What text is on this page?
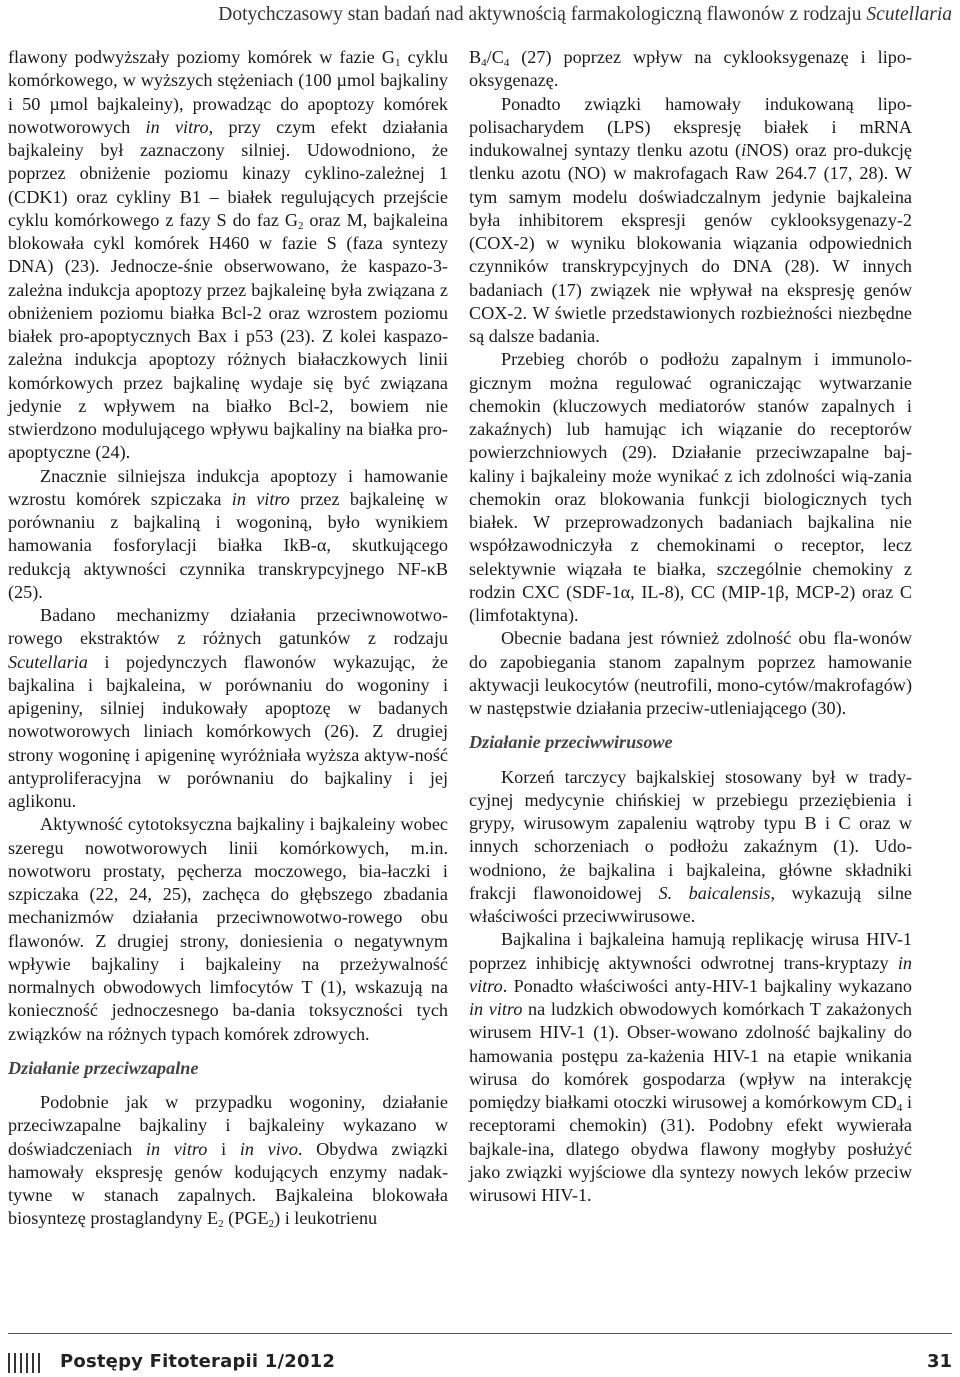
Dotychczasowy stan badań nad aktywnością farmakologiczną flawonów z rodzaju Scutellaria

flawony podwyższały poziomy komórek w fazie $G_1$ cyklu komórkowego, w wyższych stężeniach (100 µmol bajkaliny i 50 µmol bajkaleiny), prowadząc do apoptozy komórek nowotworowych in vitro, przy czym efekt działania bajkaleiny był zaznaczony silniej. Udowodniono, że poprzez obniżenie poziomu kinazy cyklino-zależnej 1 (CDK1) oraz cykliny B1 – białek regulujących przejście cyklu komórkowego z fazy S do faz $G_2$ oraz M, bajkaleina blokowała cykl komórek H460 w fazie S (faza syntezy DNA) (23). Jednocze-śnie obserwowano, że kaspazo-3-zależna indukcja apoptozy przez bajkaleinę była związana z obniżeniem poziomu białka Bcl-2 oraz wzrostem poziomu białek pro-apoptycznych Bax i p53 (23). Z kolei kaspazo-zależna indukcja apoptozy różnych białaczkowych linii komórkowych przez bajkalinę wydaje się być związana jedynie z wpływem na białko Bcl-2, bowiem nie stwierdzono modulującego wpływu bajkaliny na białka pro-apoptyczne (24).

Znacznie silniejsza indukcja apoptozy i hamowanie wzrostu komórek szpiczaka in vitro przez bajkaleinę w porównaniu z bajkaliną i wogoniną, było wynikiem hamowania fosforylacji białka IkB-α, skutkującego redukcją aktywności czynnika transkrypcyjnego NF-κB (25).

Badano mechanizmy działania przeciwnowotwo-rowego ekstraktów z różnych gatunków z rodzaju Scutellaria i pojedynczych flawonów wykazując, że bajkalina i bajkaleina, w porównaniu do wogoniny i apigeniny, silniej indukowały apoptozę w badanych nowotworowych liniach komórkowych (26). Z drugiej strony wogoninę i apigeninę wyróżniała wyższa aktyw-ność antyproliferacyjna w porównaniu do bajkaliny i jej aglikonu.

Aktywność cytotoksyczna bajkaliny i bajkaleiny wobec szeregu nowotworowych linii komórkowych, m.in. nowotworu prostaty, pęcherza moczowego, bia-łaczki i szpiczaka (22, 24, 25), zachęca do głębszego zbadania mechanizmów działania przeciwnowotwo-rowego obu flawonów. Z drugiej strony, doniesienia o negatywnym wpływie bajkaliny i bajkaleiny na przeżywalność normalnych obwodowych limfocytów T (1), wskazują na konieczność jednoczesnego ba-dania toksyczności tych związków na różnych typach komórek zdrowych.

Działanie przeciwzapalne

Podobnie jak w przypadku wogoniny, działanie przeciwzapalne bajkaliny i bajkaleiny wykazano w doświadczeniach in vitro i in vivo. Obydwa związki hamowały ekspresję genów kodujących enzymy nadak-tywne w stanach zapalnych. Bajkaleina blokowała biosyntezę prostaglandyny $E_2$ $(PGE_2)$ i leukotrienu

$B_4/C_4$ (27) poprzez wpływ na cyklooksygenazę i lipo-oksygenazę.

Ponadto związki hamowały indukowaną lipo-polisacharydem (LPS) ekspresję białek i mRNA indukowalnej syntazy tlenku azotu (iNOS) oraz pro-dukcję tlenku azotu (NO) w makrofagach Raw 264.7 (17, 28). W tym samym modelu doświadczalnym jedynie bajkaleina była inhibitorem ekspresji genów cyklooksygenazy-2 (COX-2) w wyniku blokowania wiązania odpowiednich czynników transkrypcyjnych do DNA (28). W innych badaniach (17) związek nie wpływał na ekspresję genów COX-2. W świetle przedstawionych rozbieżności niezbędne są dalsze badania.

Przebieg chorób o podłożu zapalnym i immunolo-gicznym można regulować ograniczając wytwarzanie chemokin (kluczowych mediatorów stanów zapalnych i zakaźnych) lub hamując ich wiązanie do receptorów powierzchniowych (29). Działanie przeciwzapalne baj-kaliny i bajkaleiny może wynikać z ich zdolności wią-zania chemokin oraz blokowania funkcji biologicznych tych białek. W przeprowadzonych badaniach bajkalina nie współzawodniczyła z chemokinami o receptor, lecz selektywnie wiązała te białka, szczególnie chemokiny z rodzin CXC (SDF-1α, IL-8), CC (MIP-1β, MCP-2) oraz C (limfotaktyna).

Obecnie badana jest również zdolność obu fla-wonów do zapobiegania stanom zapalnym poprzez hamowanie aktywacji leukocytów (neutrofili, mono-cytów/makrofagów) w następstwie działania przeciw-utleniającego (30).

Działanie przeciwwirusowe

Korzeń tarczycy bajkalskiej stosowany był w trady-cyjnej medycynie chińskiej w przebiegu przeziębienia i grypy, wirusowym zapaleniu wątroby typu B i C oraz w innych schorzeniach o podłożu zakaźnym (1). Udo-wodniono, że bajkalina i bajkaleina, główne składniki frakcji flawonoidowej S. baicalensis, wykazują silne właściwości przeciwwirusowe.

Bajkalina i bajkaleina hamują replikację wirusa HIV-1 poprzez inhibicję aktywności odwrotnej trans-kryptazy in vitro. Ponadto właściwości anty-HIV-1 bajkaliny wykazano in vitro na ludzkich obwodowych komórkach T zakażonych wirusem HIV-1 (1). Obser-wowano zdolność bajkaliny do hamowania postępu za-każenia HIV-1 na etapie wnikania wirusa do komórek gospodarza (wpływ na interakcję pomiędzy białkami otoczki wirusowej a komórkowym $CD_4$ i receptorami chemokin) (31). Podobny efekt wywierała bajkale-ina, dlatego obydwa flawony mogłyby posłużyć jako związki wyjściowe dla syntezy nowych leków przeciw wirusowi HIV-1.

Postępy Fitoterapii 1/2012	31
